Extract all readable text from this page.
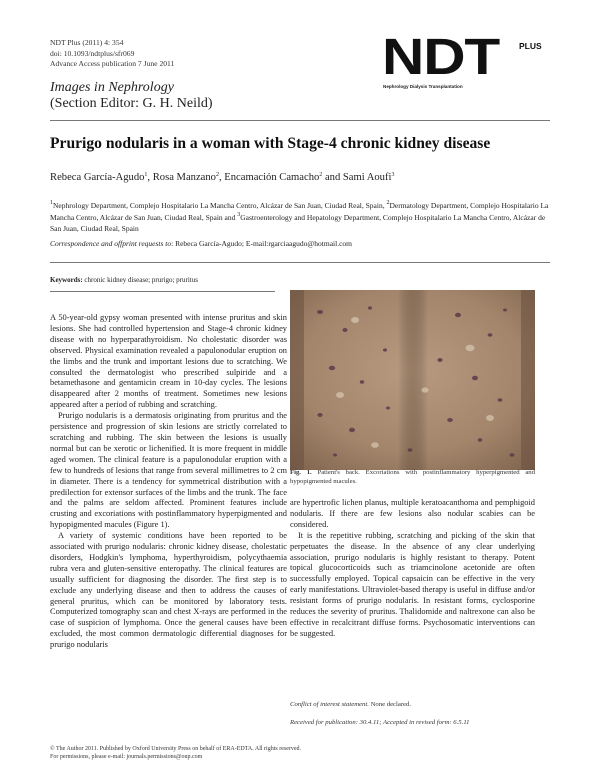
NDT Plus (2011) 4: 354
doi: 10.1093/ndtplus/sfr069
Advance Access publication 7 June 2011	NDT PLUS
Nephrology Dialysis Transplantation
Images in Nephrology
(Section Editor: G. H. Neild)
Prurigo nodularis in a woman with Stage-4 chronic kidney disease
Rebeca García-Agudo$^1$, Rosa Manzano$^2$, Encamación Camacho$^2$ and Sami Aoufi$^3$
$^1$Nephrology Department, Complejo Hospitalario La Mancha Centro, Alcázar de San Juan, Ciudad Real, Spain, $^2$Dermatology Department, Complejo Hospitalario La Mancha Centro, Alcázar de San Juan, Ciudad Real, Spain and $^3$Gastroenterology and Hepatology Department, Complejo Hospitalario La Mancha Centro, Alcázar de San Juan, Ciudad Real, Spain
Correspondence and offprint requests to: Rebeca García-Agudo; E-mail:rgarciaagudo@hotmail.com
Keywords: chronic kidney disease; prurigo; pruritus

A 50-year-old gypsy woman presented with intense pruritus and skin lesions. She had controlled hypertension and Stage-4 chronic kidney disease with no hyperparathyroidism. No cholestatic disorder was observed. Physical examination revealed a papulonodular eruption on the limbs and the trunk and important lesions due to scratching. We consulted the dermatologist who prescribed sulpiride and a betamethasone and gentamicin cream in 10-day cycles. The lesions disappeared after 2 months of treatment. Sometimes new lesions appeared after a period of rubbing and scratching.

Prurigo nodularis is a dermatosis originating from pruritus and the persistence and progression of skin lesions are strictly correlated to scratching and rubbing. The skin between the lesions is usually normal but can be xerotic or lichenified. It is more frequent in middle aged women. The clinical feature is a papulonodular eruption with a few to hundreds of lesions that range from several millimetres to 2 cm in diameter. There is a tendency for symmetrical distribution with a predilection for extensor surfaces of the limbs and the trunk. The face and the palms are seldom affected. Prominent features include crusting and excoriations with postinflammatory hyperpigmented and hypopigmented macules (Figure 1).

A variety of systemic conditions have been reported to be associated with prurigo nodularis: chronic kidney disease, cholestatic disorders, Hodgkin's lymphoma, hyperthyroidism, polycythaemia rubra vera and gluten-sensitive enteropathy. The clinical features are usually sufficient for diagnosing the disorder. The first step is to exclude any underlying disease and then to address the causes of general pruritus, which can be monitored by laboratory tests. Computerized tomography scan and chest X-rays are performed in the case of suspicion of lymphoma. Once the general causes have been excluded, the most common dermatologic differential diagnoses for prurigo nodularis

Fig. 1. Patient's back. Excoriations with postinflammatory hyperpigmented and hypopigmented macules.

are hypertrofic lichen planus, multiple keratoacanthoma and pemphigoid nodularis. If there are few lesions also nodular scabies can be considered.

It is the repetitive rubbing, scratching and picking of the skin that perpetuates the disease. In the absence of any clear underlying association, prurigo nodularis is highly resistant to therapy. Potent topical glucocorticoids such as triamcinolone acetonide are often successfully employed. Topical capsaicin can be effective in the very early manifestations. Ultraviolet-based therapy is useful in diffuse and/or resistant forms of prurigo nodularis. In resistant forms, cyclosporine reduces the severity of pruritus. Thalidomide and naltrexone can also be effective in recalcitrant diffuse forms. Psychosomatic interventions can be suggested.

Conflict of interest statement. None declared.
Received for publication: 30.4.11; Accepted in revised form: 6.5.11
© The Author 2011. Published by Oxford University Press on behalf of ERA-EDTA. All rights reserved.
For permissions, please e-mail: journals.permissions@oup.com
